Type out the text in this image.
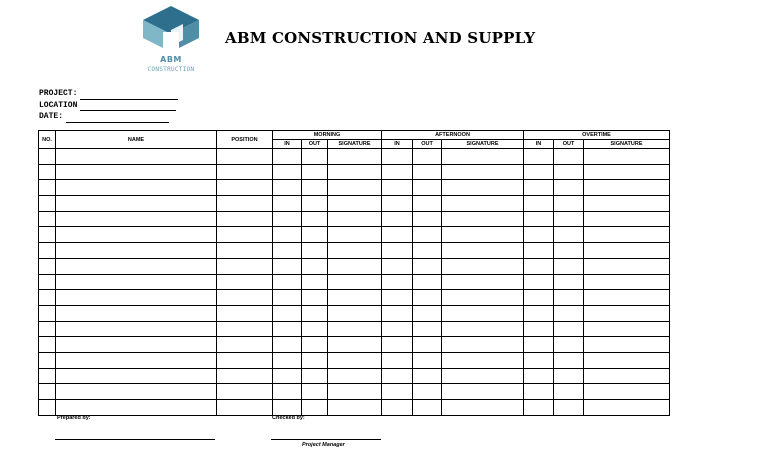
ABM
CONSTRUCTION
ABM CONSTRUCTION AND SUPPLY
PROJECT:
LOCATION
DATE:
NO.	NAME	POSITION	MORNING			AFTERNOON			OVERTIME		
			IN	OUT	SIGNATURE	IN	OUT	SIGNATURE	IN	OUT	SIGNATURE

Prepared by:	Checked by:
Project Manager
